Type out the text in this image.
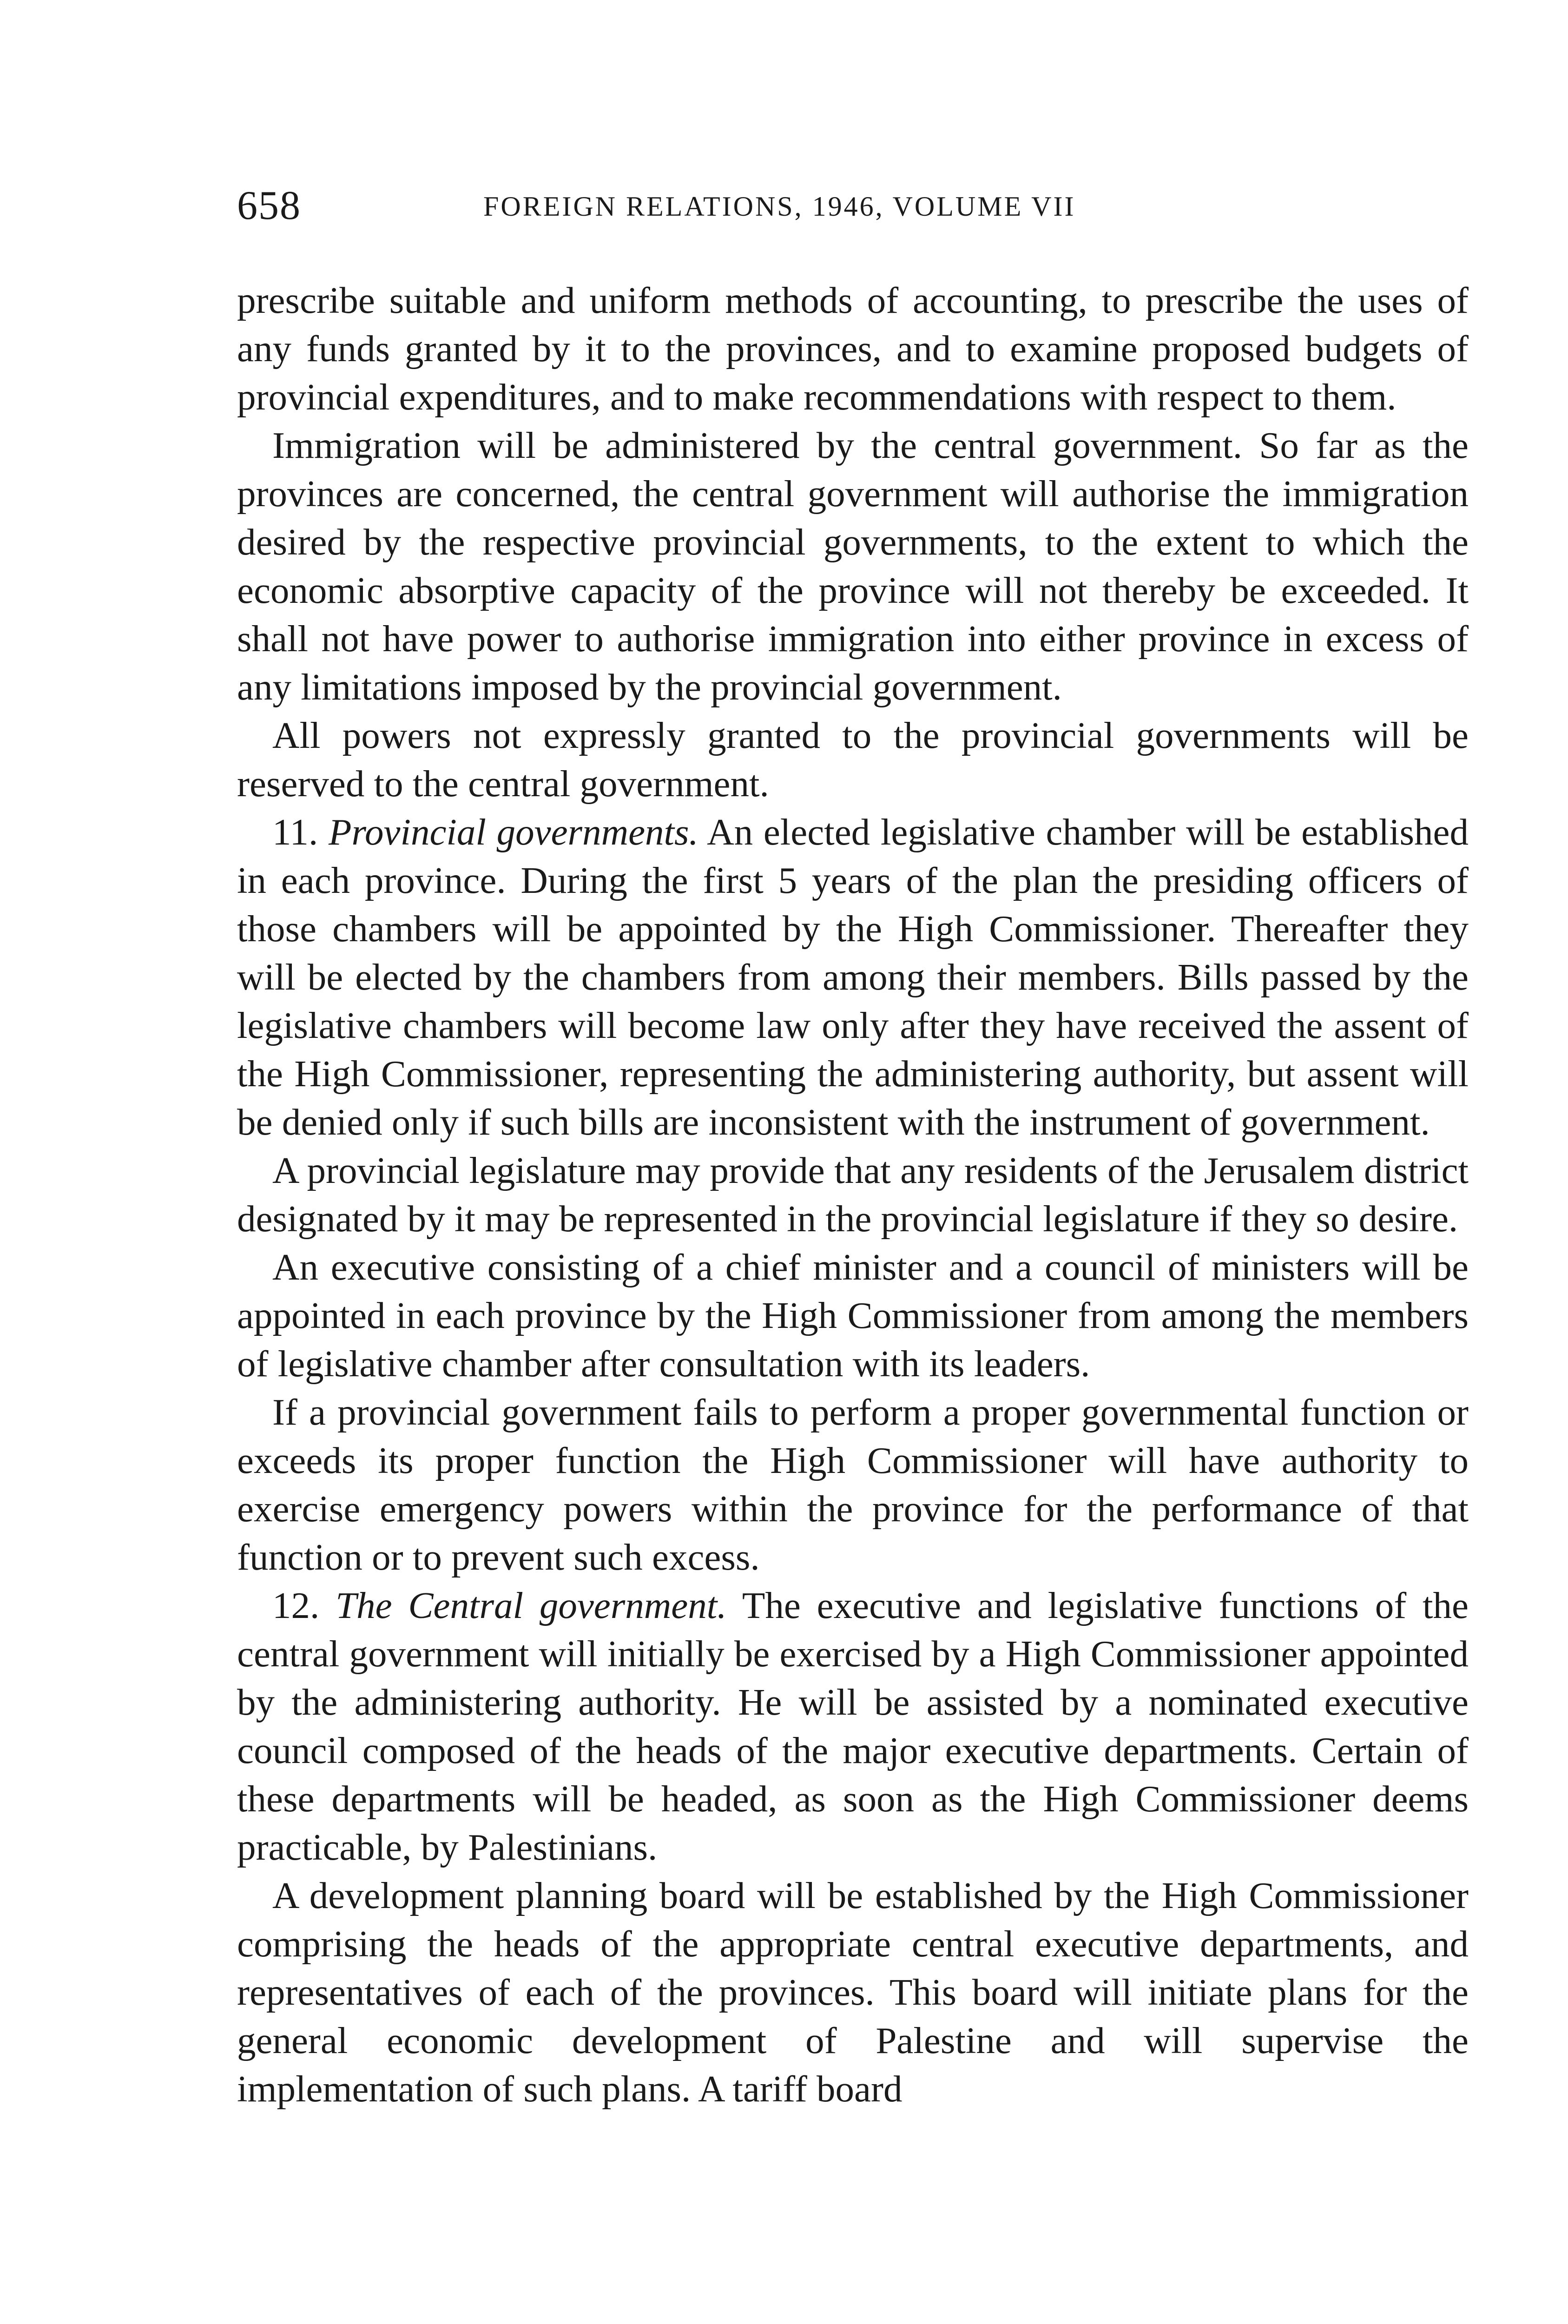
658	FOREIGN RELATIONS, 1946, VOLUME VII

prescribe suitable and uniform methods of accounting, to prescribe the uses of any funds granted by it to the provinces, and to examine proposed budgets of provincial expenditures, and to make recommendations with respect to them.

Immigration will be administered by the central government. So far as the provinces are concerned, the central government will authorise the immigration desired by the respective provincial governments, to the extent to which the economic absorptive capacity of the province will not thereby be exceeded. It shall not have power to authorise immigration into either province in excess of any limitations imposed by the provincial government.

All powers not expressly granted to the provincial governments will be reserved to the central government.

11. Provincial governments. An elected legislative chamber will be established in each province. During the first 5 years of the plan the presiding officers of those chambers will be appointed by the High Commissioner. Thereafter they will be elected by the chambers from among their members. Bills passed by the legislative chambers will become law only after they have received the assent of the High Commissioner, representing the administering authority, but assent will be denied only if such bills are inconsistent with the instrument of government.

A provincial legislature may provide that any residents of the Jerusalem district designated by it may be represented in the provincial legislature if they so desire.

An executive consisting of a chief minister and a council of ministers will be appointed in each province by the High Commissioner from among the members of legislative chamber after consultation with its leaders.

If a provincial government fails to perform a proper governmental function or exceeds its proper function the High Commissioner will have authority to exercise emergency powers within the province for the performance of that function or to prevent such excess.

12. The Central government. The executive and legislative functions of the central government will initially be exercised by a High Commissioner appointed by the administering authority. He will be assisted by a nominated executive council composed of the heads of the major executive departments. Certain of these departments will be headed, as soon as the High Commissioner deems practicable, by Palestinians.

A development planning board will be established by the High Commissioner comprising the heads of the appropriate central executive departments, and representatives of each of the provinces. This board will initiate plans for the general economic development of Palestine and will supervise the implementation of such plans. A tariff board
